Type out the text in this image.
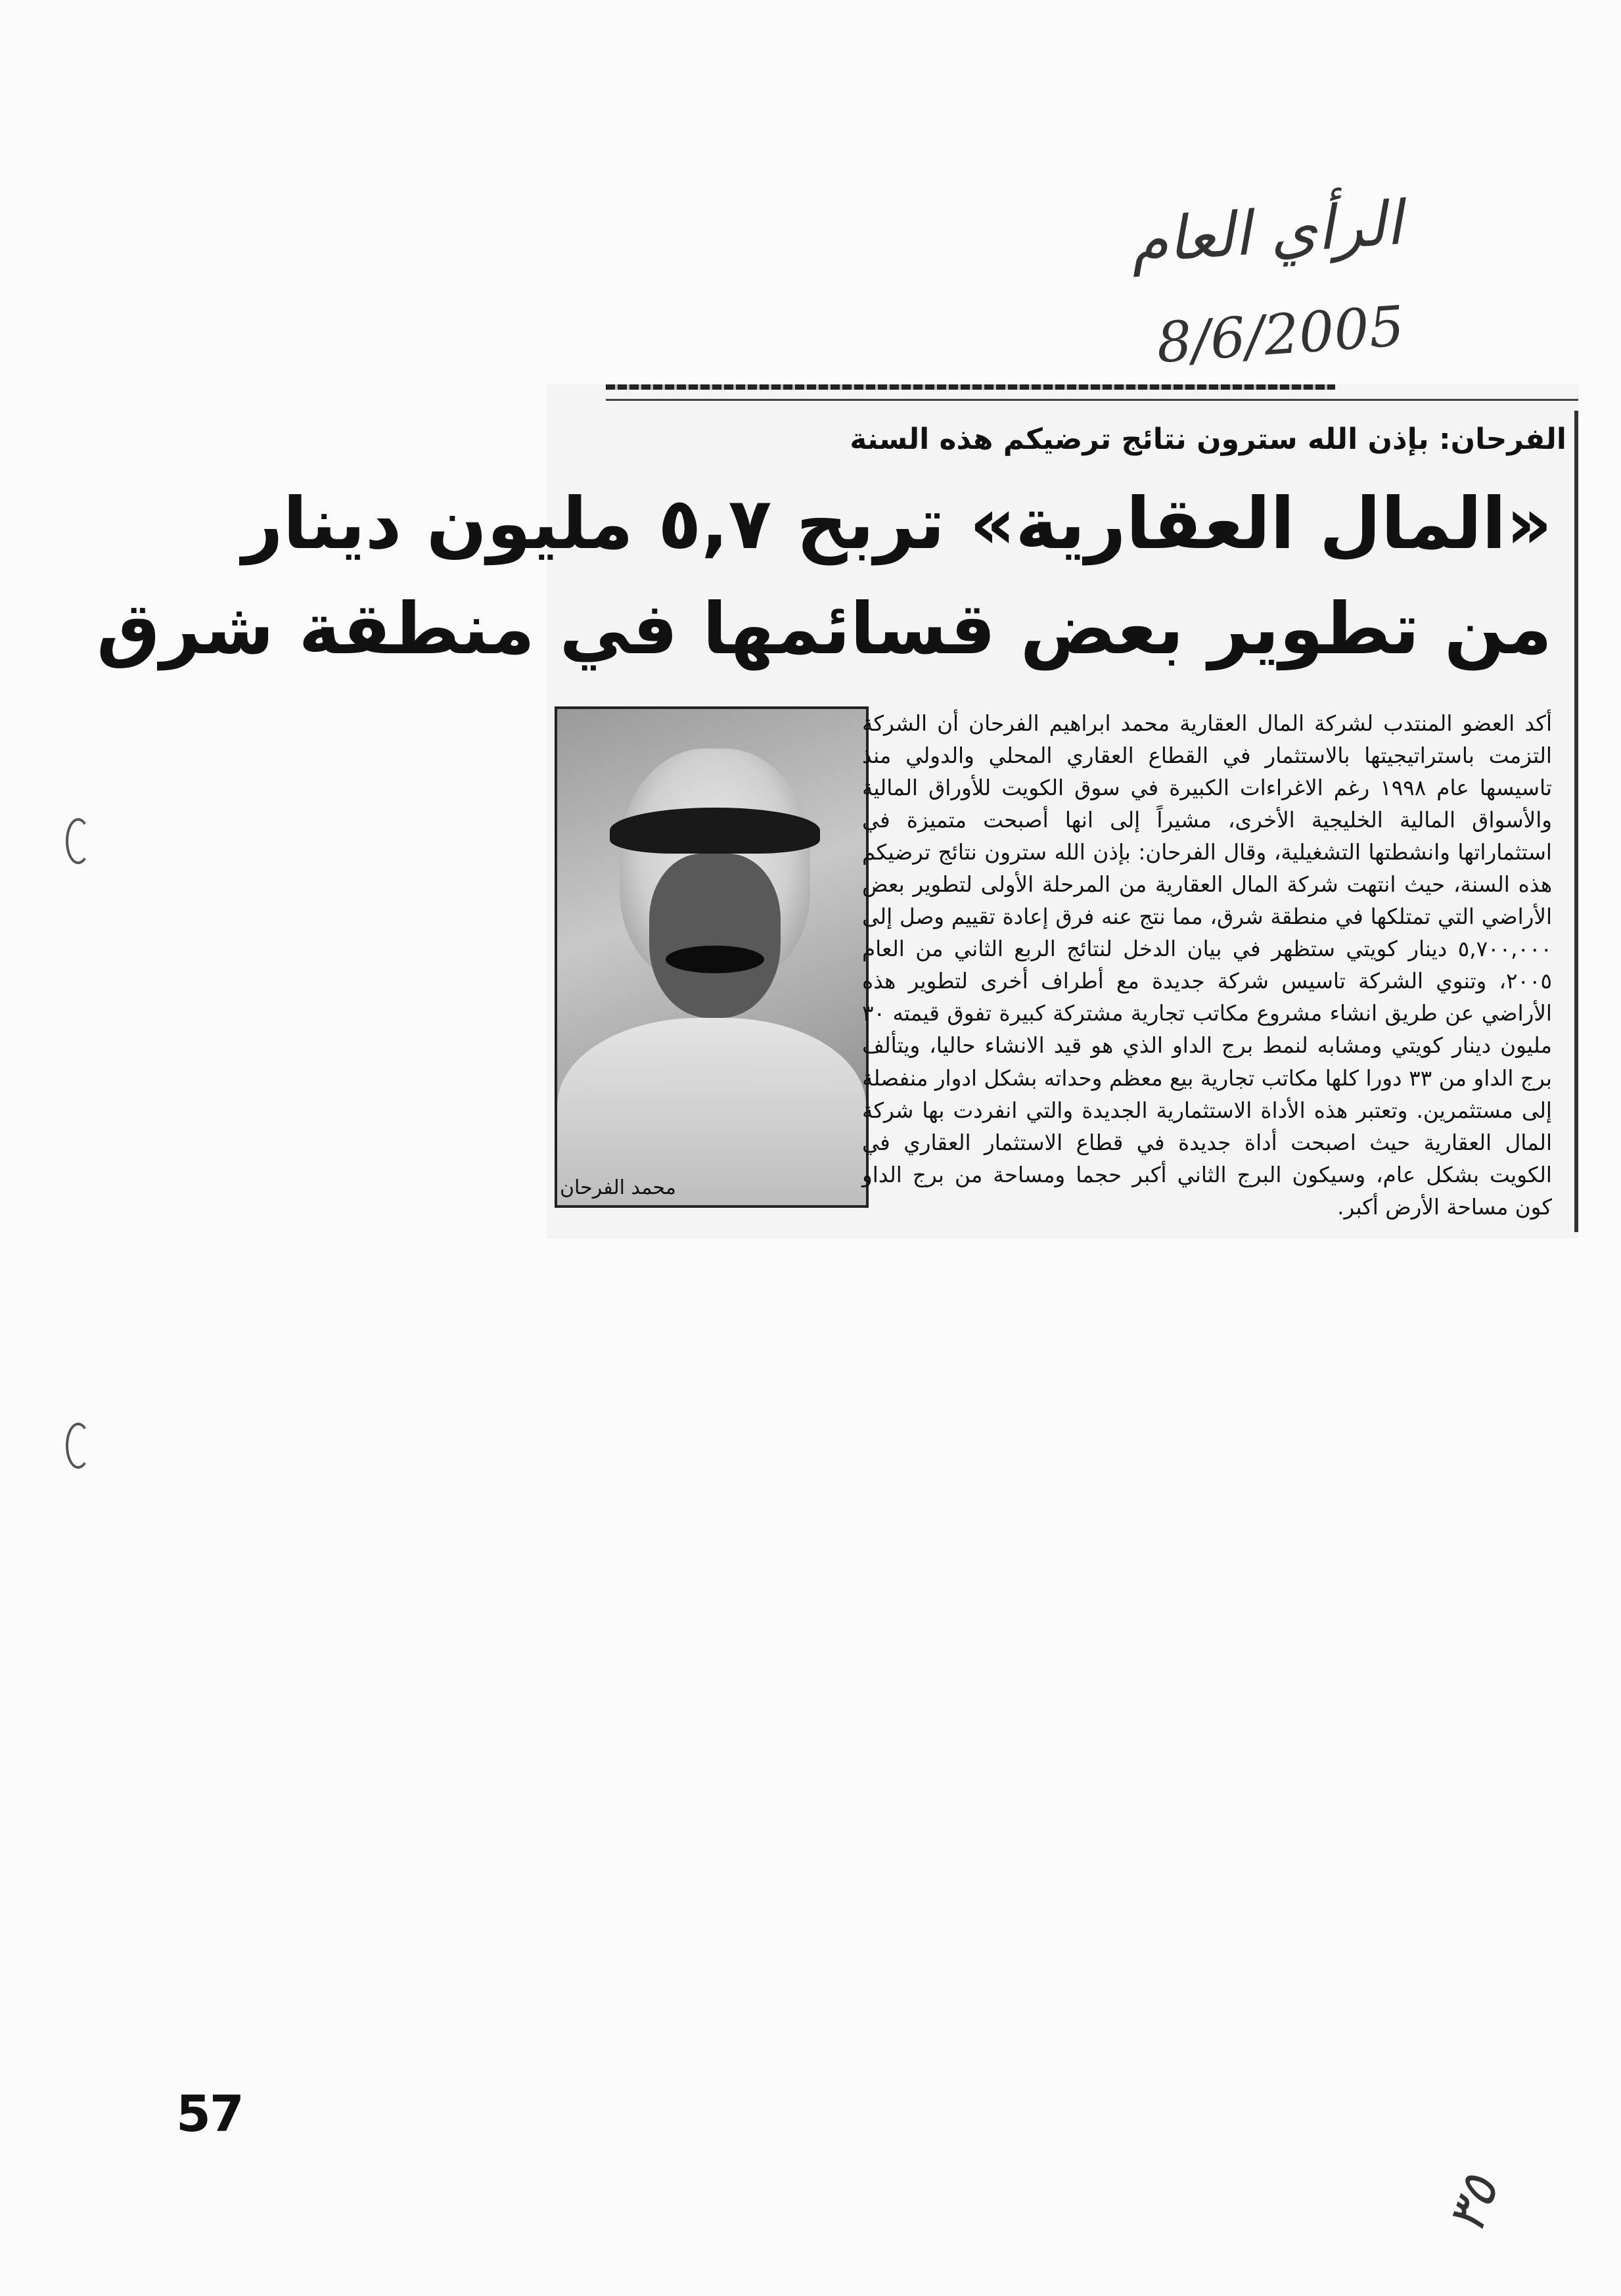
الرأي العام
8/6/2005
الفرحان: بإذن الله سترون نتائج ترضيكم هذه السنة
«المال العقارية» تربح ٥,٧ مليون دينار
من تطوير بعض قسائمها في منطقة شرق
محمد الفرحان

أكد العضو المنتدب لشركة المال العقارية محمد ابراهيم الفرحان أن الشركة التزمت باستراتيجيتها بالاستثمار في القطاع العقاري المحلي والدولي منذ تاسيسها عام ١٩٩٨ رغم الاغراءات الكبيرة في سوق الكويت للأوراق المالية والأسواق المالية الخليجية الأخرى، مشيراً إلى انها أصبحت متميزة في استثماراتها وانشطتها التشغيلية، وقال الفرحان: بإذن الله سترون نتائج ترضيكم هذه السنة، حيث انتهت شركة المال العقارية من المرحلة الأولى لتطوير بعض الأراضي التي تمتلكها في منطقة شرق، مما نتج عنه فرق إعادة تقييم وصل إلى ٥,٧٠٠,٠٠٠ دينار كويتي ستظهر في بيان الدخل لنتائج الربع الثاني من العام ٢٠٠٥، وتنوي الشركة تاسيس شركة جديدة مع أطراف أخرى لتطوير هذه الأراضي عن طريق انشاء مشروع مكاتب تجارية مشتركة كبيرة تفوق قيمته ٣٠ مليون دينار كويتي ومشابه لنمط برج الداو الذي هو قيد الانشاء حاليا، ويتألف برج الداو من ٣٣ دورا كلها مكاتب تجارية بيع معظم وحداته بشكل ادوار منفصلة إلى مستثمرين. وتعتبر هذه الأداة الاستثمارية الجديدة والتي انفردت بها شركة المال العقارية حيث اصبحت أداة جديدة في قطاع الاستثمار العقاري في الكويت بشكل عام، وسيكون البرج الثاني أكبر حجما ومساحة من برج الداو كون مساحة الأرض أكبر.

57
٣٥
